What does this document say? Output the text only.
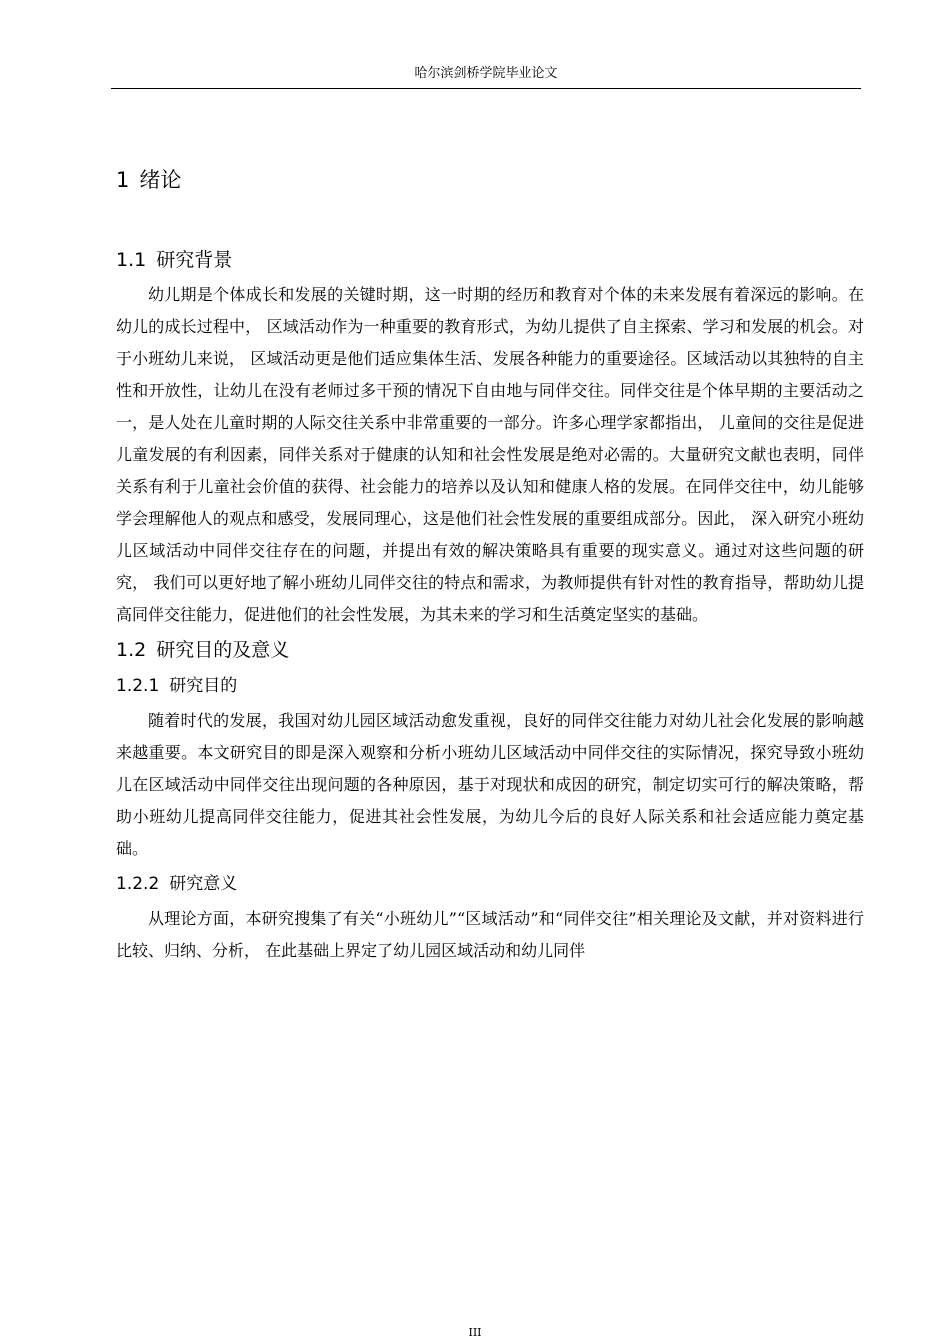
哈尔滨剑桥学院毕业论文
1 绪论
1.1 研究背景

幼儿期是个体成长和发展的关键时期，这一时期的经历和教育对个体的未来发展有着深远的影响。在幼儿的成长过程中， 区域活动作为一种重要的教育形式，为幼儿提供了自主探索、学习和发展的机会。对于小班幼儿来说， 区域活动更是他们适应集体生活、发展各种能力的重要途径。区域活动以其独特的自主性和开放性，让幼儿在没有老师过多干预的情况下自由地与同伴交往。同伴交往是个体早期的主要活动之一，是人处在儿童时期的人际交往关系中非常重要的一部分。许多心理学家都指出， 儿童间的交往是促进儿童发展的有利因素，同伴关系对于健康的认知和社会性发展是绝对必需的。大量研究文献也表明，同伴关系有利于儿童社会价值的获得、社会能力的培养以及认知和健康人格的发展。在同伴交往中，幼儿能够学会理解他人的观点和感受，发展同理心，这是他们社会性发展的重要组成部分。因此， 深入研究小班幼儿区域活动中同伴交往存在的问题，并提出有效的解决策略具有重要的现实意义。通过对这些问题的研究， 我们可以更好地了解小班幼儿同伴交往的特点和需求，为教师提供有针对性的教育指导，帮助幼儿提高同伴交往能力，促进他们的社会性发展，为其未来的学习和生活奠定坚实的基础。

1.2 研究目的及意义
1.2.1 研究目的

随着时代的发展，我国对幼儿园区域活动愈发重视，良好的同伴交往能力对幼儿社会化发展的影响越来越重要。本文研究目的即是深入观察和分析小班幼儿区域活动中同伴交往的实际情况，探究导致小班幼儿在区域活动中同伴交往出现问题的各种原因，基于对现状和成因的研究，制定切实可行的解决策略，帮助小班幼儿提高同伴交往能力，促进其社会性发展，为幼儿今后的良好人际关系和社会适应能力奠定基础。

1.2.2 研究意义

从理论方面，本研究搜集了有关“小班幼儿”“区域活动”和“同伴交往”相关理论及文献，并对资料进行比较、归纳、分析， 在此基础上界定了幼儿园区域活动和幼儿同伴

III
